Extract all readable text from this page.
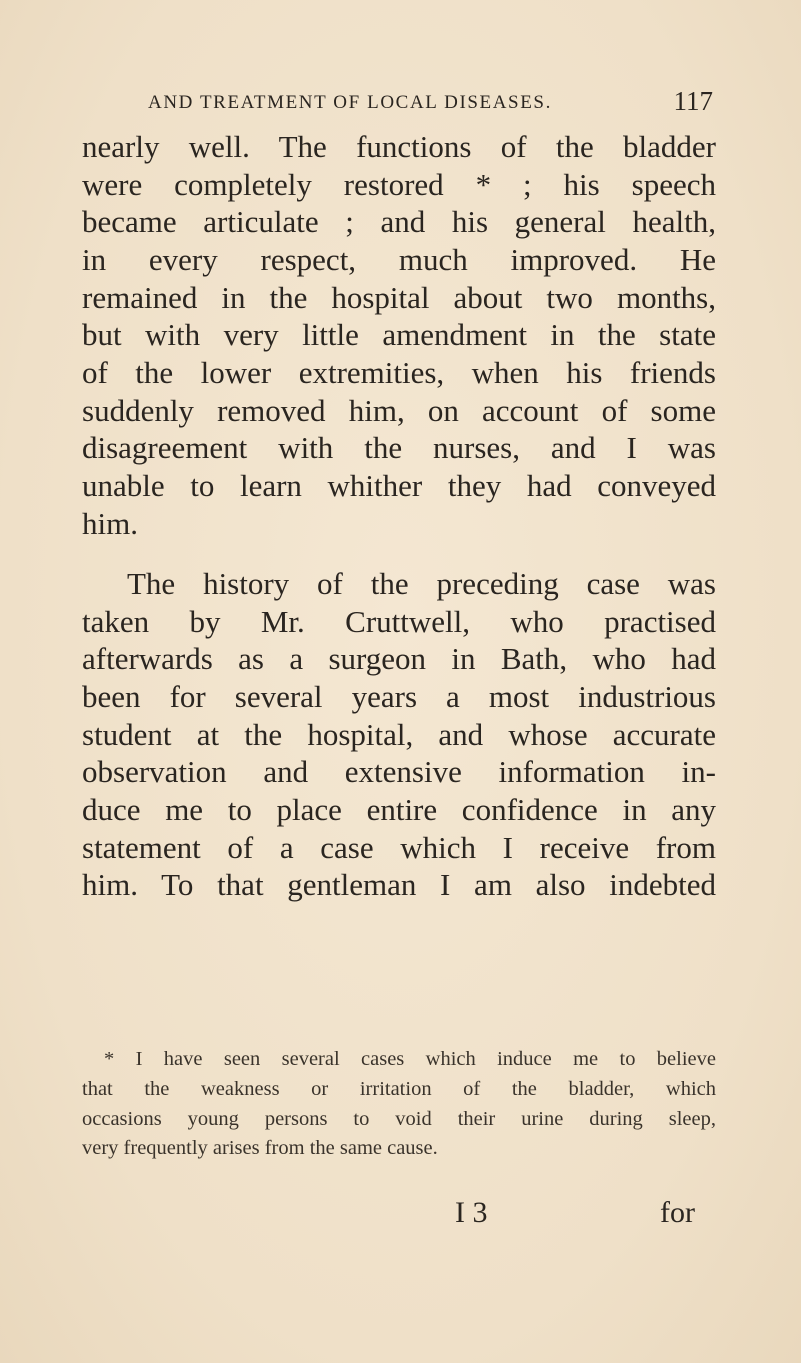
AND TREATMENT OF LOCAL DISEASES.	117
nearly well. The functions of the bladder
were completely restored * ; his speech
became articulate ; and his general health,
in every respect, much improved. He
remained in the hospital about two months,
but with very little amendment in the state
of the lower extremities, when his friends
suddenly removed him, on account of some
disagreement with the nurses, and I was
unable to learn whither they had conveyed
him.
The history of the preceding case was
taken by Mr. Cruttwell, who practised
afterwards as a surgeon in Bath, who had
been for several years a most industrious
student at the hospital, and whose accurate
observation and extensive information in-
duce me to place entire confidence in any
statement of a case which I receive from
him. To that gentleman I am also indebted
* I have seen several cases which induce me to believe
that the weakness or irritation of the bladder, which
occasions young persons to void their urine during sleep,
very frequently arises from the same cause.
I 3	for
